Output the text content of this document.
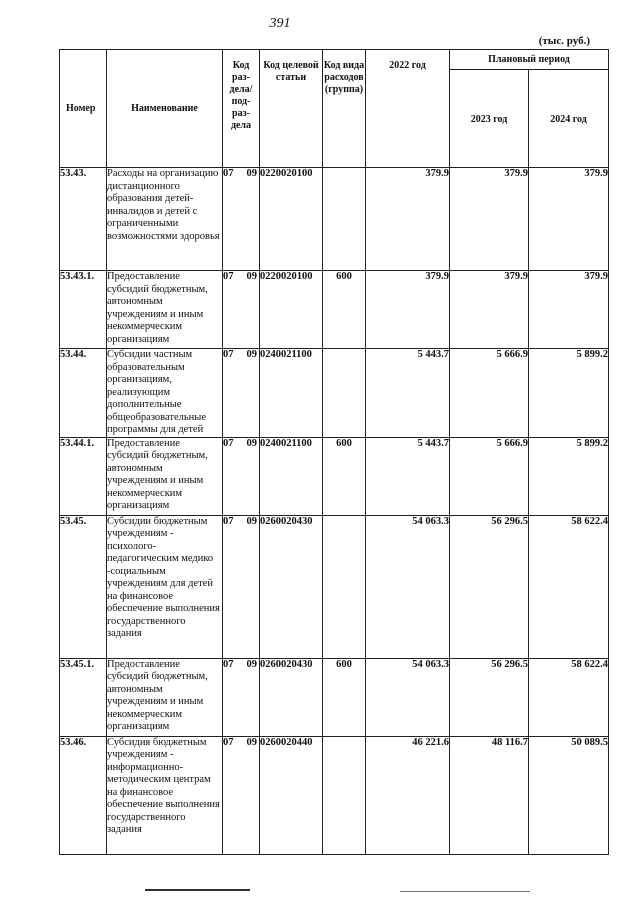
391
(тыс. руб.)
Номер	Наименование	Код раз-дела/ под-раз-дела	Код целевой статьи	Код вида расходов (группа)	2022 год	Плановый период	
						2023 год	2024 год
53.43.	Расходы на организацию дистанционного образования детей-инвалидов и детей с ограниченными возможностями здоровья	07 09	0220020100		379.9	379.9	379.9
53.43.1.	Предоставление субсидий бюджетным, автономным учреждениям и иным некоммерческим организациям	07 09	0220020100	600	379.9	379.9	379.9
53.44.	Субсидии частным образовательным организациям, реализующим дополнительные общеобразовательные программы для детей	07 09	0240021100		5 443.7	5 666.9	5 899.2
53.44.1.	Предоставление субсидий бюджетным, автономным учреждениям и иным некоммерческим организациям	07 09	0240021100	600	5 443.7	5 666.9	5 899.2
53.45.	Субсидии бюджетным учреждениям - психолого-педагогическим медико -социальным учреждениям для детей на финансовое обеспечение выполнения государственного задания	07 09	0260020430		54 063.3	56 296.5	58 622.4
53.45.1.	Предоставление субсидий бюджетным, автономным учреждениям и иным некоммерческим организациям	07 09	0260020430	600	54 063.3	56 296.5	58 622.4
53.46.	Субсидия бюджетным учреждениям - информационно-методическим центрам на финансовое обеспечение выполнения государственного задания	07 09	0260020440		46 221.6	48 116.7	50 089.5
